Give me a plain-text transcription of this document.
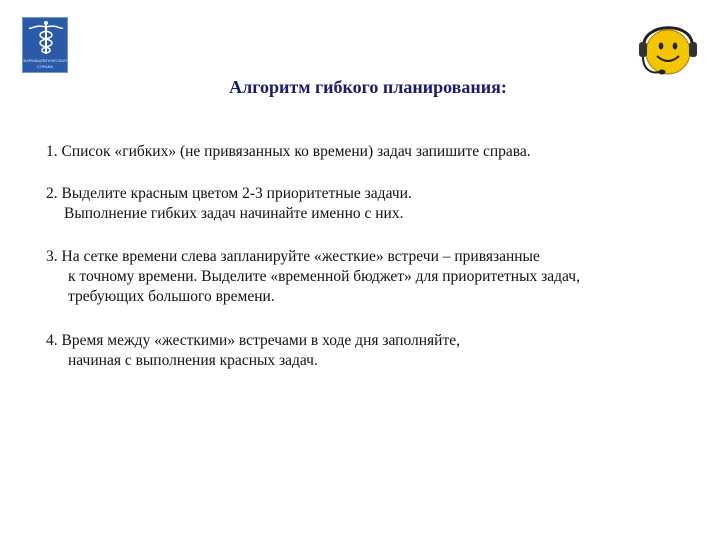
ФАРМАЦЕВТИЧЕСКАЯ
СПРАВА
Алгоритм гибкого планирования:

1. Список «гибких» (не привязанных ко времени) задач запишите справа.

2. Выделите красным цветом 2-3 приоритетные задачи.
Выполнение гибких задач начинайте именно с них.

3. На сетке времени слева запланируйте «жесткие» встречи – привязанные
к точному времени. Выделите «временной бюджет» для приоритетных задач,
требующих большого времени.

4. Время между «жесткими» встречами в ходе дня заполняйте,
начиная с выполнения красных задач.
